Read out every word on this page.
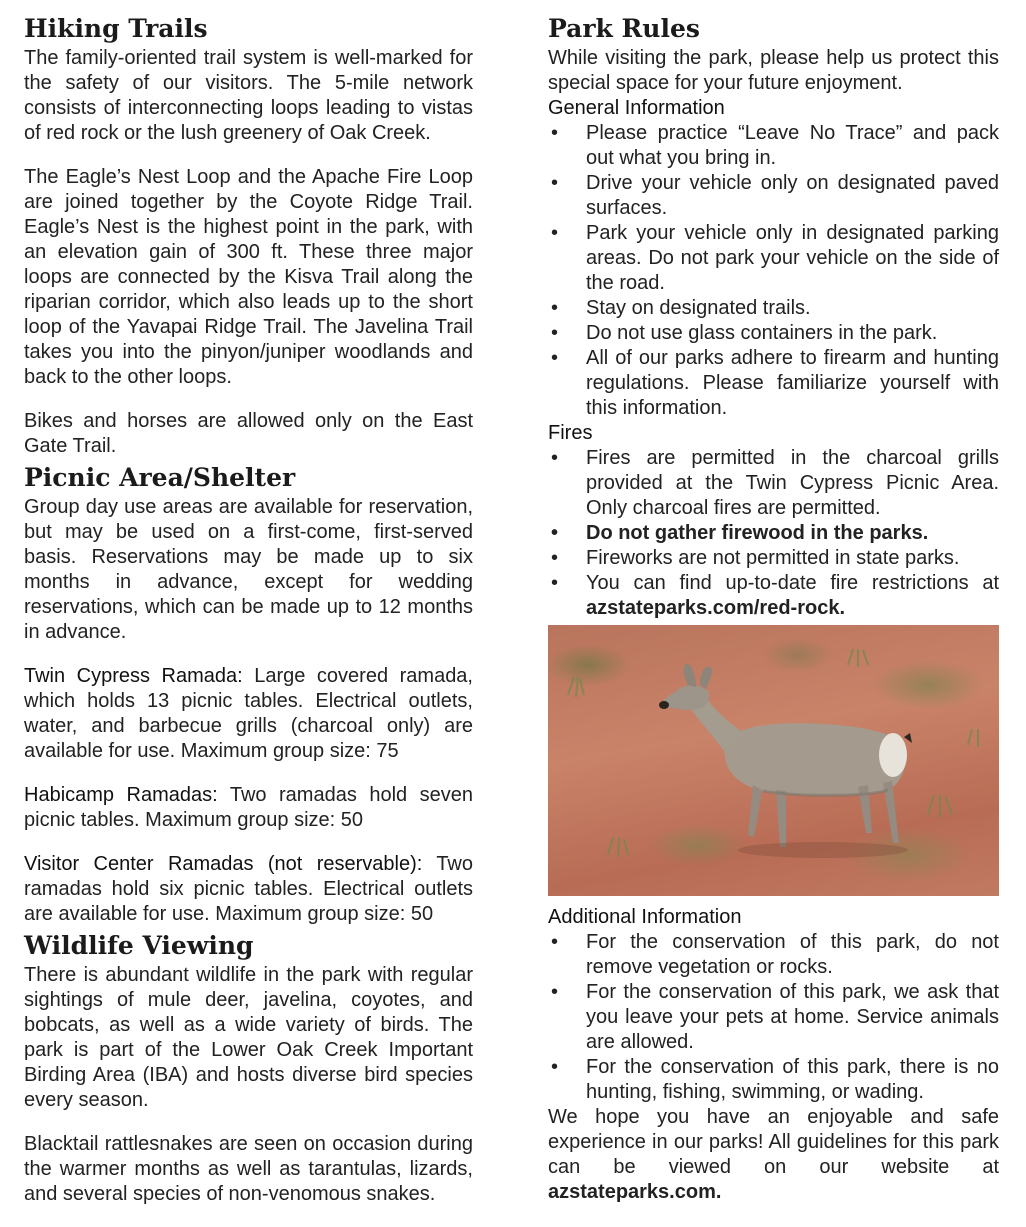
Hiking Trails

The family-oriented trail system is well-marked for the safety of our visitors. The 5-mile network consists of interconnecting loops leading to vistas of red rock or the lush greenery of Oak Creek.

The Eagle’s Nest Loop and the Apache Fire Loop are joined together by the Coyote Ridge Trail. Eagle’s Nest is the highest point in the park, with an elevation gain of 300 ft. These three major loops are connected by the Kisva Trail along the riparian corridor, which also leads up to the short loop of the Yavapai Ridge Trail. The Javelina Trail takes you into the pinyon/juniper woodlands and back to the other loops.

Bikes and horses are allowed only on the East Gate Trail.

Picnic Area/Shelter

Group day use areas are available for reservation, but may be used on a first-come, first-served basis. Reservations may be made up to six months in advance, except for wedding reservations, which can be made up to 12 months in advance.

Twin Cypress Ramada: Large covered ramada, which holds 13 picnic tables. Electrical outlets, water, and barbecue grills (charcoal only) are available for use. Maximum group size: 75

Habicamp Ramadas: Two ramadas hold seven picnic tables. Maximum group size: 50

Visitor Center Ramadas (not reservable): Two ramadas hold six picnic tables. Electrical outlets are available for use. Maximum group size: 50

Wildlife Viewing

There is abundant wildlife in the park with regular sightings of mule deer, javelina, coyotes, and bobcats, as well as a wide variety of birds. The park is part of the Lower Oak Creek Important Birding Area (IBA) and hosts diverse bird species every season.

Blacktail rattlesnakes are seen on occasion during the warmer months as well as tarantulas, lizards, and several species of non-venomous snakes.

Park Rules

While visiting the park, please help us protect this special space for your future enjoyment.

General Information
• Please practice “Leave No Trace” and pack out what you bring in.
• Drive your vehicle only on designated paved surfaces.
• Park your vehicle only in designated parking areas. Do not park your vehicle on the side of the road.
• Stay on designated trails.
• Do not use glass containers in the park.
• All of our parks adhere to firearm and hunting regulations. Please familiarize yourself with this information.
Fires
• Fires are permitted in the charcoal grills provided at the Twin Cypress Picnic Area. Only charcoal fires are permitted.
• Do not gather firewood in the parks.
• Fireworks are not permitted in state parks.
• You can find up-to-date fire restrictions at azstateparks.com/red-rock.
Additional Information
• For the conservation of this park, do not remove vegetation or rocks.
• For the conservation of this park, we ask that you leave your pets at home. Service animals are allowed.
• For the conservation of this park, there is no hunting, fishing, swimming, or wading.

We hope you have an enjoyable and safe experience in our parks! All guidelines for this park can be viewed on our website at azstateparks.com.
